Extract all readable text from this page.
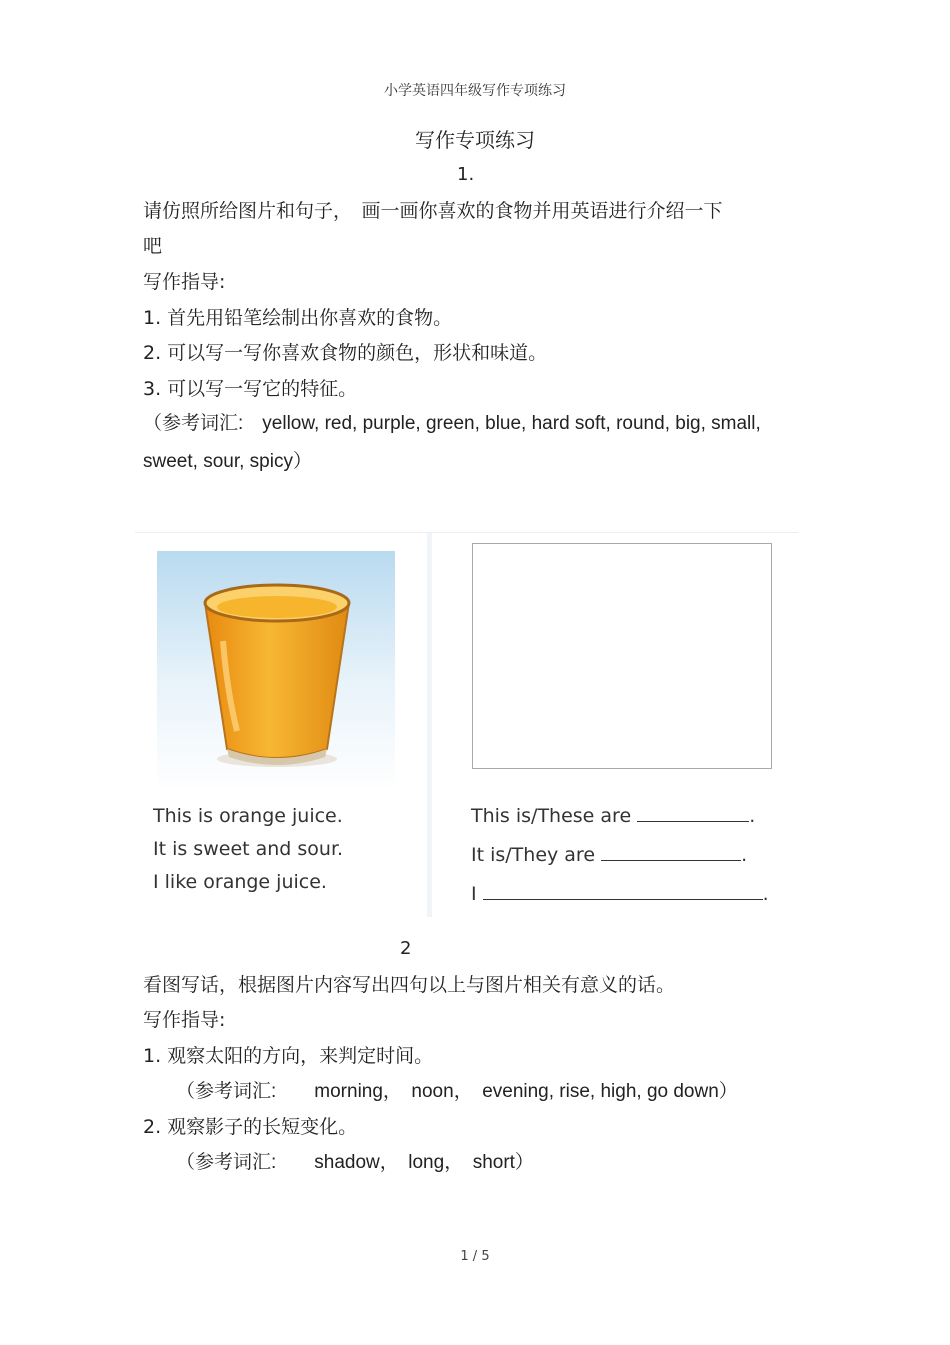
小学英语四年级写作专项练习
写作专项练习
1.
请仿照所给图片和句子，　画一画你喜欢的食物并用英语进行介绍一下
吧
写作指导:
1. 首先用铅笔绘制出你喜欢的食物。
2. 可以写一写你喜欢食物的颜色，形状和味道。
3. 可以写一写它的特征。
（参考词汇:　yellow, red, purple, green, blue, hard soft, round, big, small,
sweet, sour, spicy）
This is orange juice.
It is sweet and sour.
I like orange juice.
This is/These are	.
It is/They are	.
I	.
2
看图写话，根据图片内容写出四句以上与图片相关有意义的话。
写作指导:
1. 观察太阳的方向，来判定时间。
（参考词汇:　　morning，　noon，　evening, rise, high, go down）
2. 观察影子的长短变化。
（参考词汇:　　shadow，　long，　short）
1 / 5
